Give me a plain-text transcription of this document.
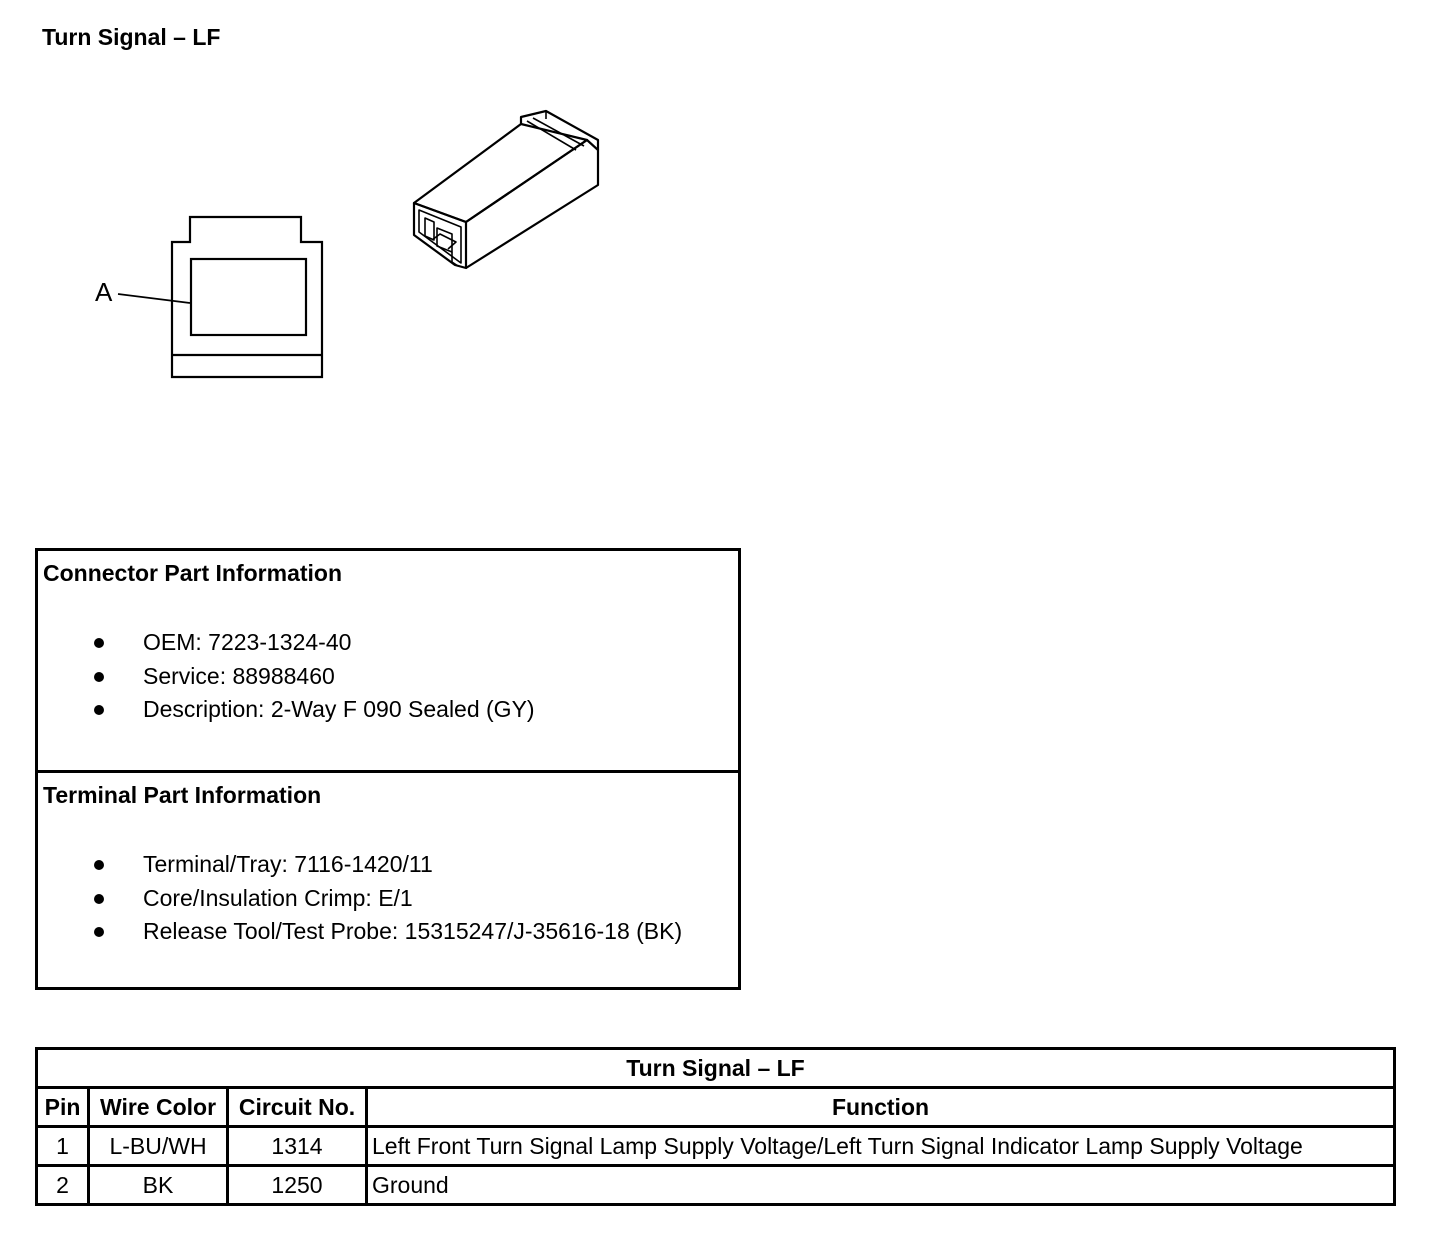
Turn Signal – LF
A
Connector Part Information
OEM: 7223-1324-40
Service: 88988460
Description: 2-Way F 090 Sealed (GY)
Terminal Part Information
Terminal/Tray: 7116-1420/11
Core/Insulation Crimp: E/1
Release Tool/Test Probe: 15315247/J-35616-18 (BK)
Turn Signal – LF			
Pin	Wire Color	Circuit No.	Function
1	L-BU/WH	1314	Left Front Turn Signal Lamp Supply Voltage/Left Turn Signal Indicator Lamp Supply Voltage
2	BK	1250	Ground
